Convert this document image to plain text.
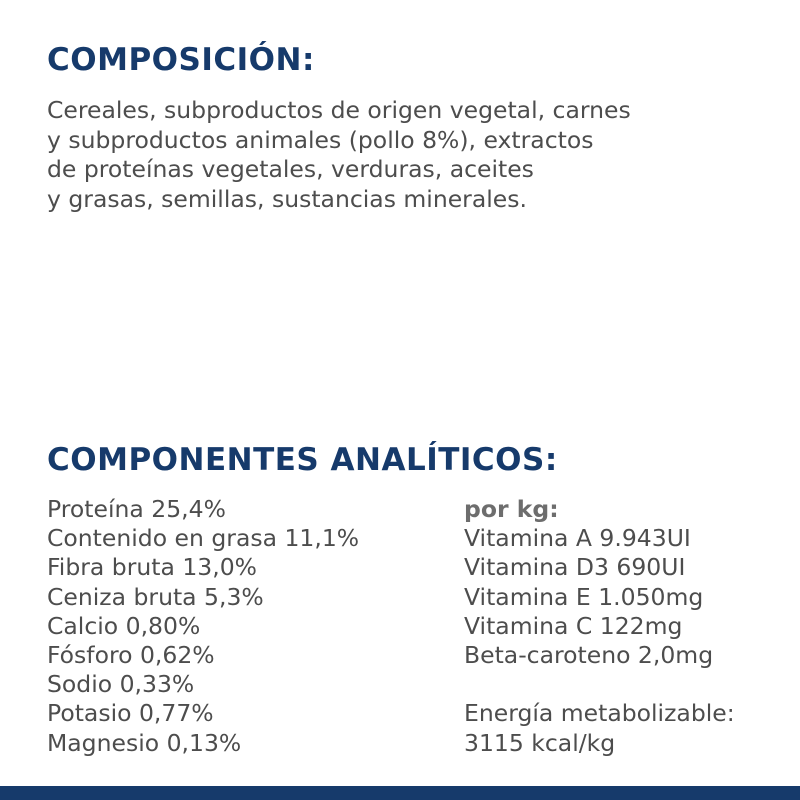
COMPOSICIÓN:
Cereales, subproductos de origen vegetal, carnes
y subproductos animales (pollo 8%), extractos
de proteínas vegetales, verduras, aceites
y grasas, semillas, sustancias minerales.
COMPONENTES ANALÍTICOS:
Proteína 25,4%
Contenido en grasa 11,1%
Fibra bruta 13,0%
Ceniza bruta 5,3%
Calcio 0,80%
Fósforo 0,62%
Sodio 0,33%
Potasio 0,77%
Magnesio 0,13%
por kg:
Vitamina A 9.943UI
Vitamina D3 690UI
Vitamina E 1.050mg
Vitamina C 122mg
Beta-caroteno 2,0mg
Energía metabolizable:
3115 kcal/kg
